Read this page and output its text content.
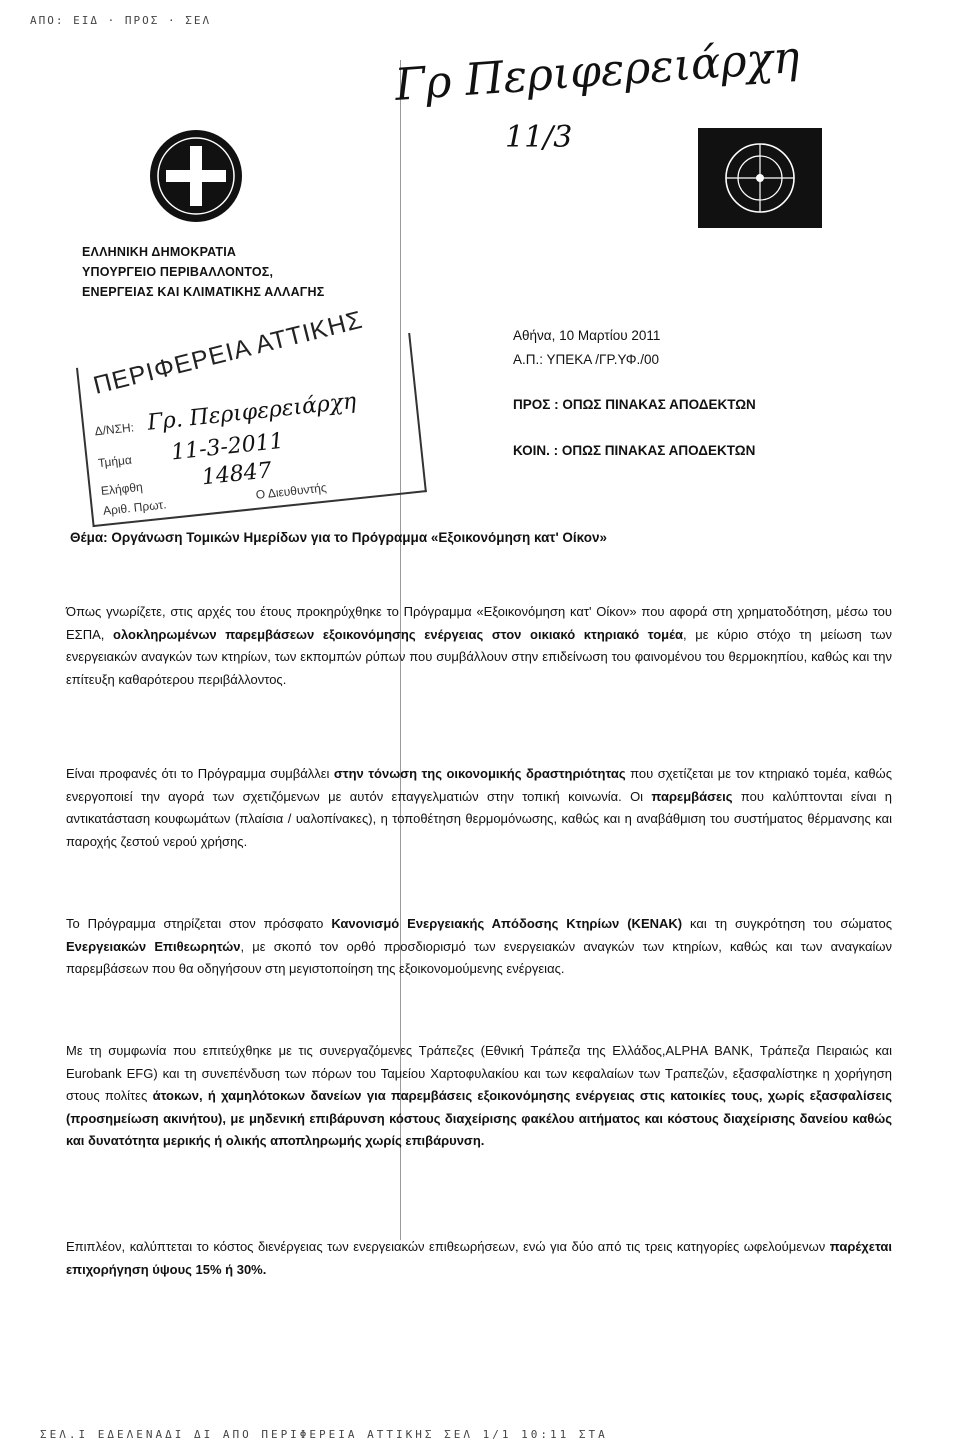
ΑΠΟ: ΕΙΔ · ΠΡΟΣ · ΣΕΛ
Γρ Περιφερειάρχη
11/3
ΕΛΛΗΝΙΚΗ ΔΗΜΟΚΡΑΤΙΑ
ΥΠΟΥΡΓΕΙΟ ΠΕΡΙΒΑΛΛΟΝΤΟΣ,
ΕΝΕΡΓΕΙΑΣ ΚΑΙ ΚΛΙΜΑΤΙΚΗΣ ΑΛΛΑΓΗΣ
Αθήνα, 10 Μαρτίου 2011
Α.Π.: ΥΠΕΚΑ /ΓΡ.ΥΦ./00
ΠΡΟΣ : ΟΠΩΣ ΠΙΝΑΚΑΣ ΑΠΟΔΕΚΤΩΝ
ΚΟΙΝ. : ΟΠΩΣ ΠΙΝΑΚΑΣ ΑΠΟΔΕΚΤΩΝ
ΠΕΡΙΦΕΡΕΙΑ ΑΤΤΙΚΗΣ
Δ/ΝΣΗ: Γρ. Περιφερειάρχη
Τμήμα 11-3-2011
Ελήφθη	14847
Αριθ. Πρωτ.Ο Διευθυντής
Θέμα: Οργάνωση Τομικών Ημερίδων για το Πρόγραμμα «Εξοικονόμηση κατ' Οίκον»
Όπως γνωρίζετε, στις αρχές του έτους προκηρύχθηκε το Πρόγραμμα «Εξοικονόμηση κατ' Οίκον» που αφορά στη χρηματοδότηση, μέσω του ΕΣΠΑ, ολοκληρωμένων παρεμβάσεων εξοικονόμησης ενέργειας στον οικιακό κτηριακό τομέα, με κύριο στόχο τη μείωση των ενεργειακών αναγκών των κτηρίων, των εκπομπών ρύπων που συμβάλλουν στην επιδείνωση του φαινομένου του θερμοκηπίου, καθώς και την επίτευξη καθαρότερου περιβάλλοντος.
Είναι προφανές ότι το Πρόγραμμα συμβάλλει στην τόνωση της οικονομικής δραστηριότητας που σχετίζεται με τον κτηριακό τομέα, καθώς ενεργοποιεί την αγορά των σχετιζόμενων με αυτόν επαγγελματιών στην τοπική κοινωνία. Οι παρεμβάσεις που καλύπτονται είναι η αντικατάσταση κουφωμάτων (πλαίσια / υαλοπίνακες), η τοποθέτηση θερμομόνωσης, καθώς και η αναβάθμιση του συστήματος θέρμανσης και παροχής ζεστού νερού χρήσης.
Το Πρόγραμμα στηρίζεται στον πρόσφατο Κανονισμό Ενεργειακής Απόδοσης Κτηρίων (ΚΕΝΑΚ) και τη συγκρότηση του σώματος Ενεργειακών Επιθεωρητών, με σκοπό τον ορθό προσδιορισμό των ενεργειακών αναγκών των κτηρίων, καθώς και των αναγκαίων παρεμβάσεων που θα οδηγήσουν στη μεγιστοποίηση της εξοικονομούμενης ενέργειας.
Με τη συμφωνία που επιτεύχθηκε με τις συνεργαζόμενες Τράπεζες (Εθνική Τράπεζα της Ελλάδος,ALPHA BANK, Τράπεζα Πειραιώς και Eurobank EFG) και τη συνεπένδυση των πόρων του Ταμείου Χαρτοφυλακίου και των κεφαλαίων των Τραπεζών, εξασφαλίστηκε η χορήγηση στους πολίτες άτοκων, ή χαμηλότοκων δανείων για παρεμβάσεις εξοικονόμησης ενέργειας στις κατοικίες τους, χωρίς εξασφαλίσεις (προσημείωση ακινήτου), με μηδενική επιβάρυνση κόστους διαχείρισης φακέλου αιτήματος και κόστους διαχείρισης δανείου καθώς και δυνατότητα μερικής ή ολικής αποπληρωμής χωρίς επιβάρυνση.
Επιπλέον, καλύπτεται το κόστος διενέργειας των ενεργειακών επιθεωρήσεων, ενώ για δύο από τις τρεις κατηγορίες ωφελούμενων παρέχεται επιχορήγηση ύψους 15% ή 30%.
ΣΕΛ.Ι ΕΔΕΛΕΝΑΔΙ ΔΙ ΑΠΟ ΠΕΡΙΦΕΡΕΙΑ ΑΤΤΙΚΗΣ ΣΕΛ 1/1 10:11 ΣΤΑ
